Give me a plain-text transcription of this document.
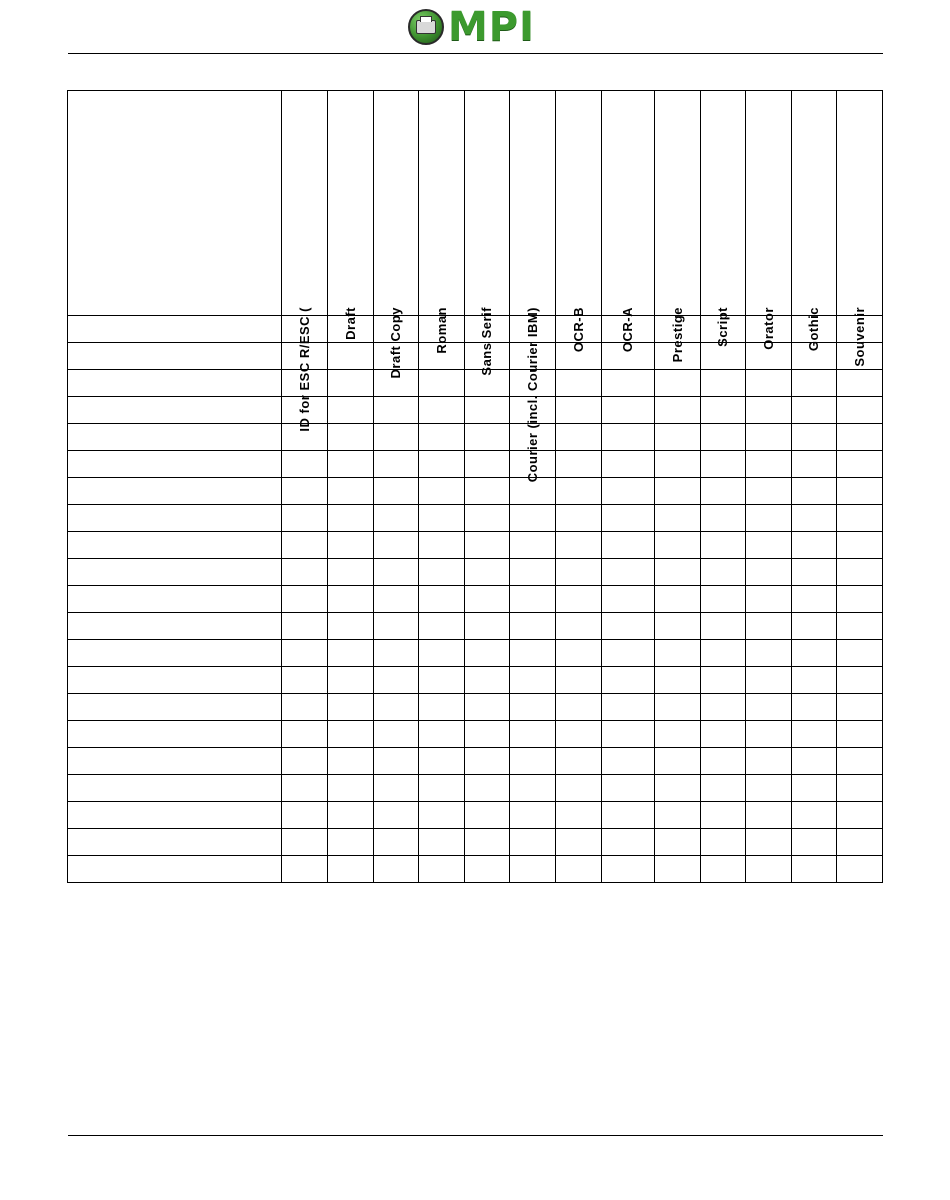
MPI

	ID for ESC R/ESC (	Draft	Draft Copy	Roman	Sans Serif	Courier (incl. Courier IBM)	OCR-B	OCR-A	Prestige	Script	Orator	Gothic	Souvenir
